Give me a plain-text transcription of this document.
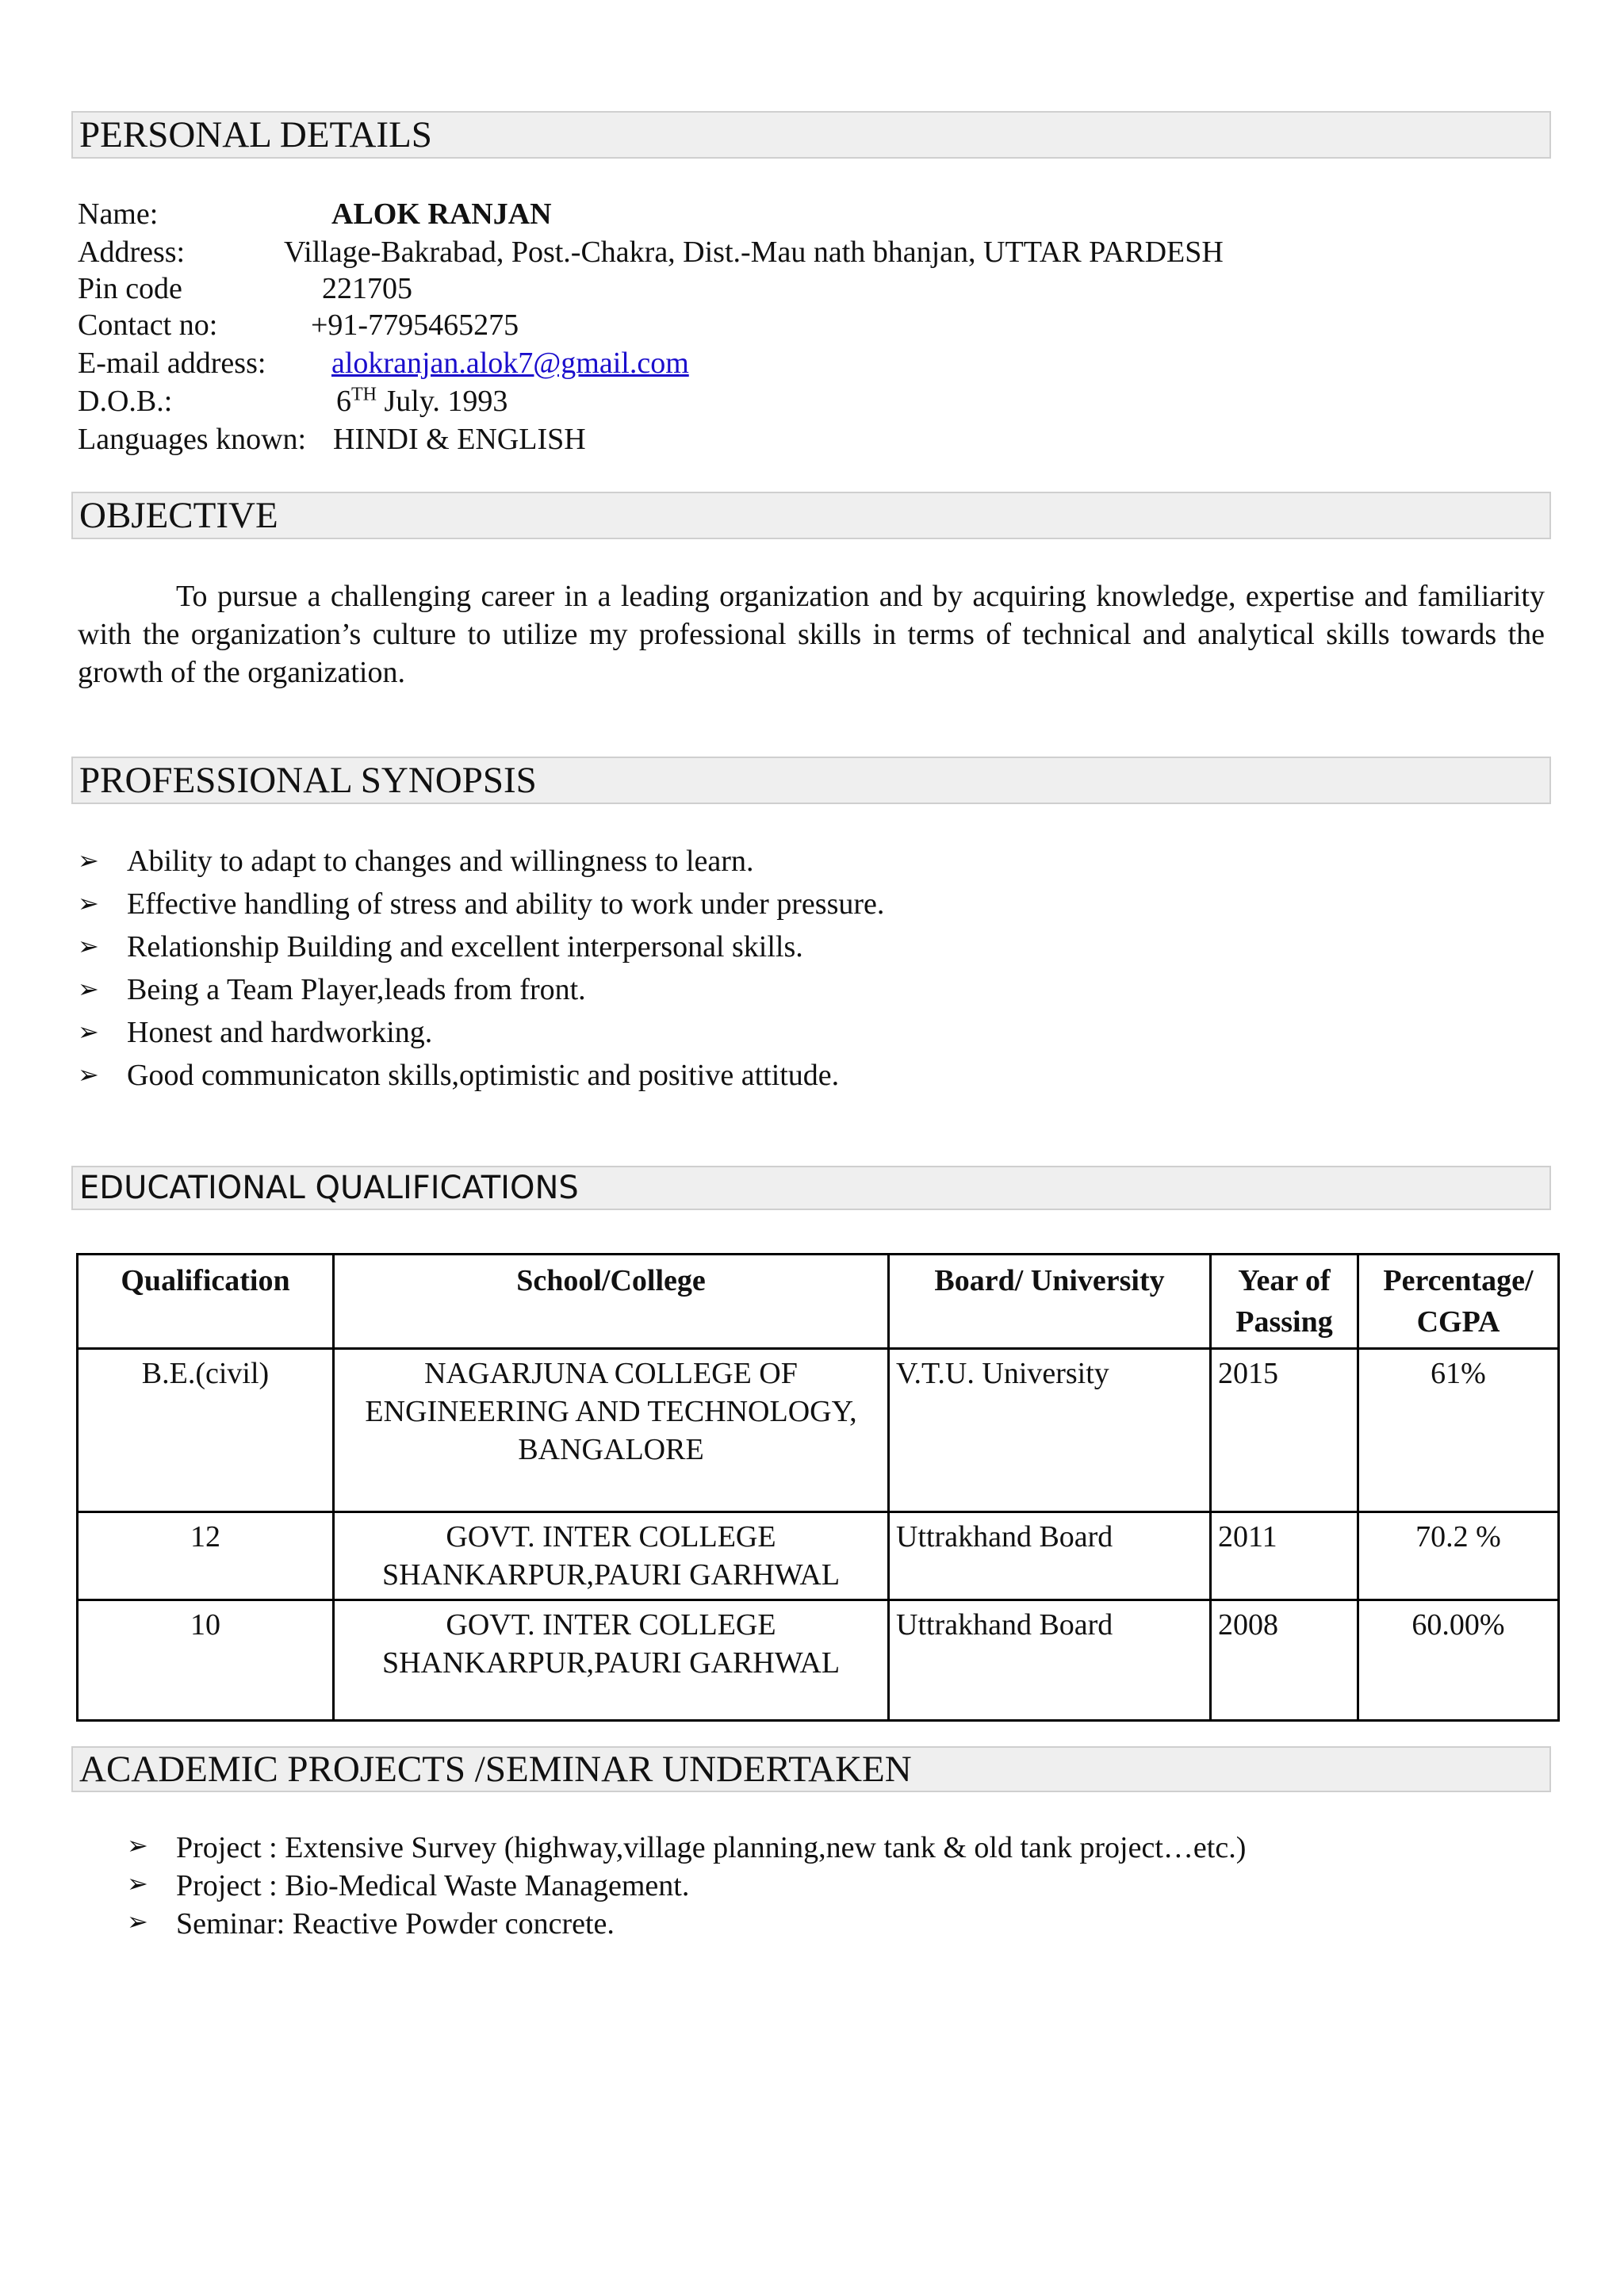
PERSONAL DETAILS
Name:	ALOK RANJAN
Address:	Village-Bakrabad, Post.-Chakra, Dist.-Mau nath bhanjan, UTTAR PARDESH
Pin code	221705
Contact no:	+91-7795465275
E-mail address: alokranjan.alok7@gmail.com
D.O.B.:	6TH July. 1993
Languages known: HINDI & ENGLISH
OBJECTIVE

To pursue a challenging career in a leading organization and by acquiring knowledge, expertise and familiarity with the organization’s culture to utilize my professional skills in terms of technical and analytical skills towards the growth of the organization.

PROFESSIONAL SYNOPSIS
➢ Ability to adapt to changes and willingness to learn.
➢ Effective handling of stress and ability to work under pressure.
➢ Relationship Building and excellent interpersonal skills.
➢ Being a Team Player,leads from front.
➢ Honest and hardworking.
➢ Good communicaton skills,optimistic and positive attitude.
EDUCATIONAL QUALIFICATIONS
Qualification	School/College	Board/ University	Year of Passing	Percentage/ CGPA
B.E.(civil)	NAGARJUNA COLLEGE OF ENGINEERING AND TECHNOLOGY, BANGALORE	V.T.U. University	2015	61%
12	GOVT. INTER COLLEGE SHANKARPUR,PAURI GARHWAL	Uttrakhand Board	2011	70.2 %
10	GOVT. INTER COLLEGE SHANKARPUR,PAURI GARHWAL	Uttrakhand Board	2008	60.00%
ACADEMIC PROJECTS /SEMINAR UNDERTAKEN
➢ Project : Extensive Survey (highway,village planning,new tank & old tank project…etc.)
➢ Project : Bio-Medical Waste Management.
➢ Seminar: Reactive Powder concrete.
